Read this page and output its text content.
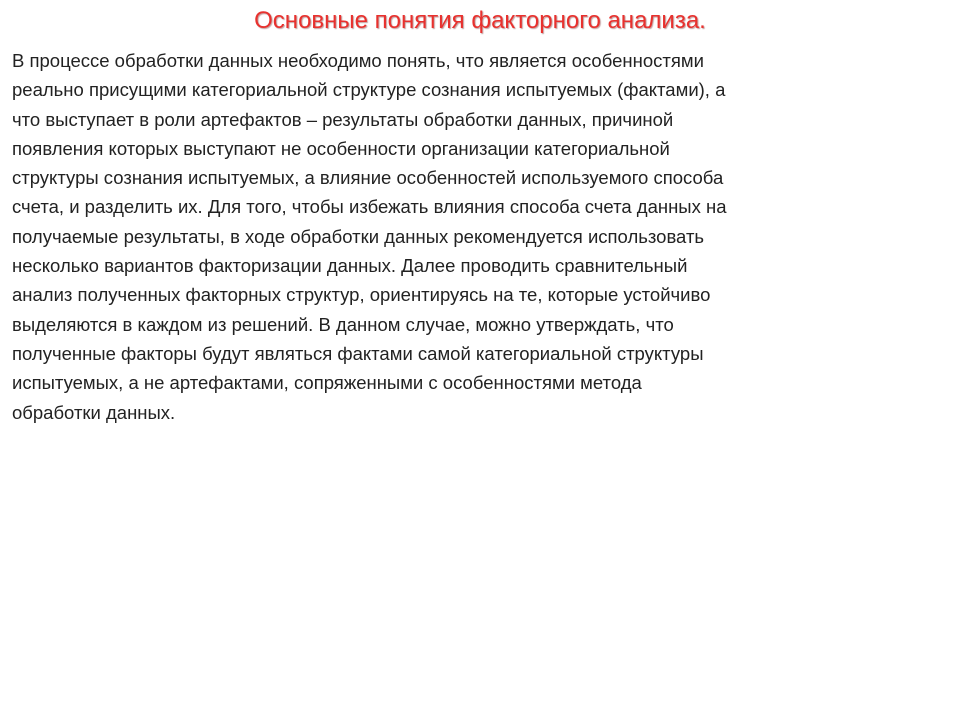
Основные понятия факторного анализа.

В процессе обработки данных необходимо понять, что является особенностями
реально присущими категориальной структуре сознания испытуемых (фактами), а
что выступает в роли артефактов – результаты обработки данных, причиной
появления которых выступают не особенности организации категориальной
структуры сознания испытуемых, а влияние особенностей используемого способа
счета, и разделить их. Для того, чтобы избежать влияния способа счета данных на
получаемые результаты, в ходе обработки данных рекомендуется использовать
несколько вариантов факторизации данных. Далее проводить сравнительный
анализ полученных факторных структур, ориентируясь на те, которые устойчиво
выделяются в каждом из решений. В данном случае, можно утверждать, что
полученные факторы будут являться фактами самой категориальной структуры
испытуемых, а не артефактами, сопряженными с особенностями метода
обработки данных.
